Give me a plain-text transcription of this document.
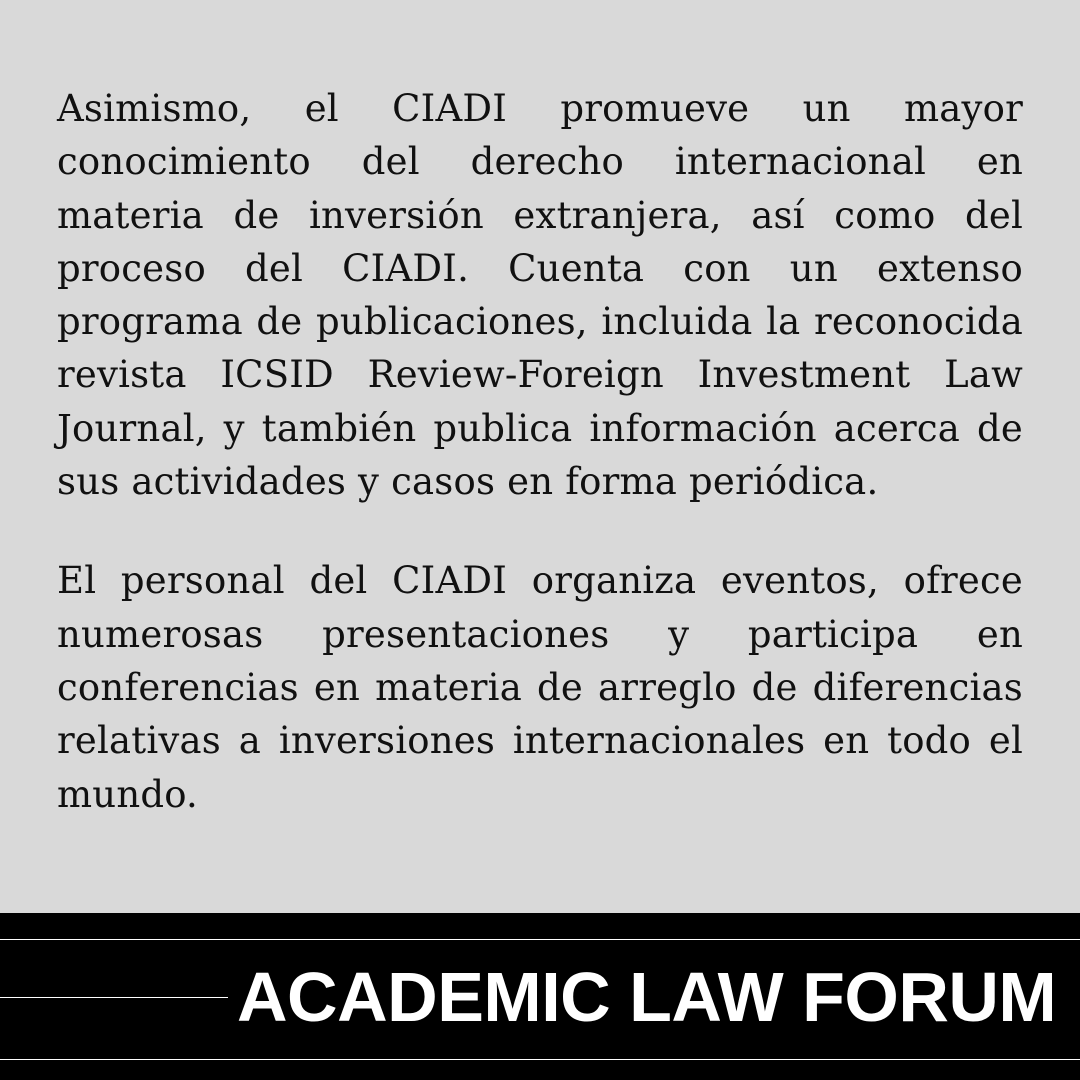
Asimismo, el CIADI promueve un mayor conocimiento del derecho internacional en materia de inversión extranjera, así como del proceso del CIADI. Cuenta con un extenso programa de publicaciones, incluida la reconocida revista ICSID Review-Foreign Investment Law Journal, y también publica información acerca de sus actividades y casos en forma periódica.

El personal del CIADI organiza eventos, ofrece numerosas presentaciones y participa en conferencias en materia de arreglo de diferencias relativas a inversiones internacionales en todo el mundo.

ACADEMIC LAW FORUM
